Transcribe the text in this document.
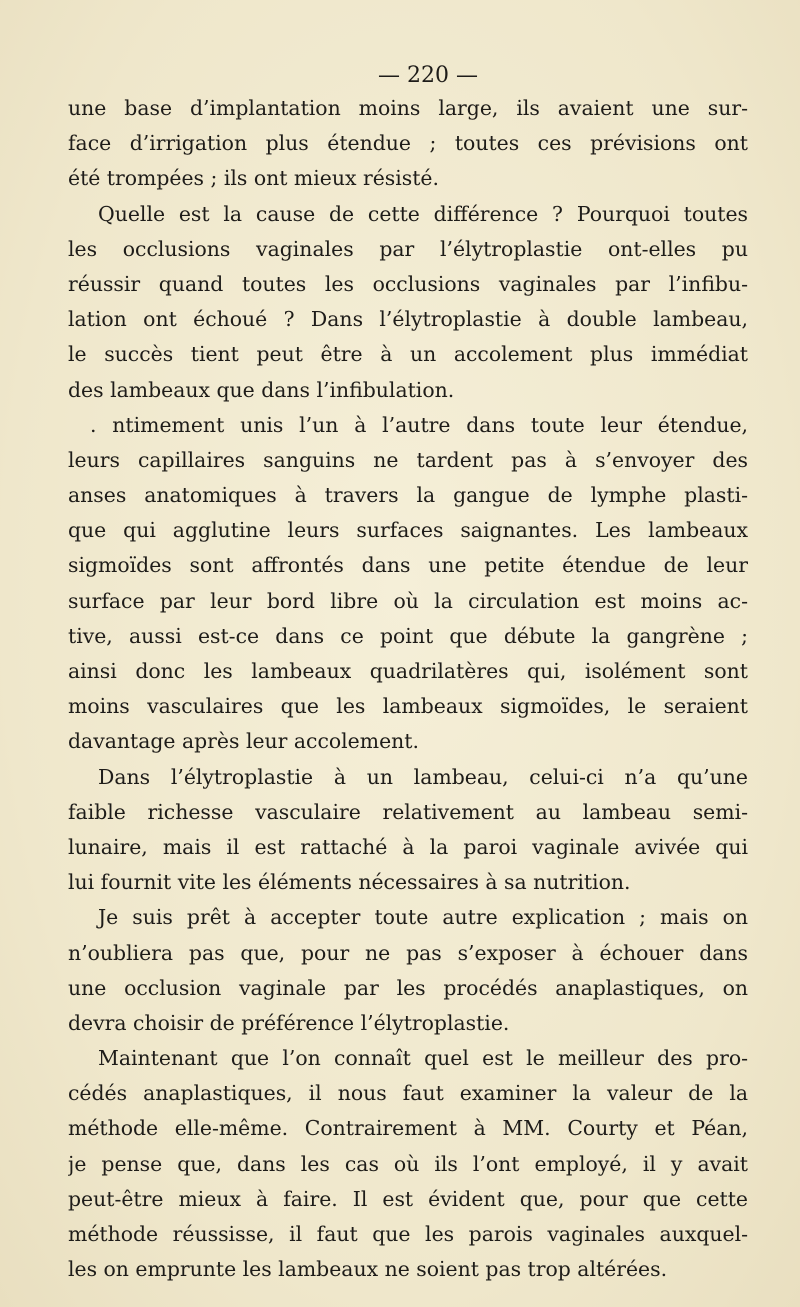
— 220 —
une base d’implantation moins large, ils avaient une sur-
face d’irrigation plus étendue ; toutes ces prévisions ont
été trompées ; ils ont mieux résisté.
Quelle est la cause de cette différence ? Pourquoi toutes
les occlusions vaginales par l’élytroplastie ont-elles pu
réussir quand toutes les occlusions vaginales par l’infibu-
lation ont échoué ? Dans l’élytroplastie à double lambeau,
le succès tient peut être à un accolement plus immédiat
des lambeaux que dans l’infibulation.
. ntimement unis l’un à l’autre dans toute leur étendue,
leurs capillaires sanguins ne tardent pas à s’envoyer des
anses anatomiques à travers la gangue de lymphe plasti-
que qui agglutine leurs surfaces saignantes. Les lambeaux
sigmoïdes sont affrontés dans une petite étendue de leur
surface par leur bord libre où la circulation est moins ac-
tive, aussi est-ce dans ce point que débute la gangrène ;
ainsi donc les lambeaux quadrilatères qui, isolément sont
moins vasculaires que les lambeaux sigmoïdes, le seraient
davantage après leur accolement.
Dans l’élytroplastie à un lambeau, celui-ci n’a qu’une
faible richesse vasculaire relativement au lambeau semi-
lunaire, mais il est rattaché à la paroi vaginale avivée qui
lui fournit vite les éléments nécessaires à sa nutrition.
Je suis prêt à accepter toute autre explication ; mais on
n’oubliera pas que, pour ne pas s’exposer à échouer dans
une occlusion vaginale par les procédés anaplastiques, on
devra choisir de préférence l’élytroplastie.
Maintenant que l’on connaît quel est le meilleur des pro-
cédés anaplastiques, il nous faut examiner la valeur de la
méthode elle-même. Contrairement à MM. Courty et Péan,
je pense que, dans les cas où ils l’ont employé, il y avait
peut-être mieux à faire. Il est évident que, pour que cette
méthode réussisse, il faut que les parois vaginales auxquel-
les on emprunte les lambeaux ne soient pas trop altérées.
